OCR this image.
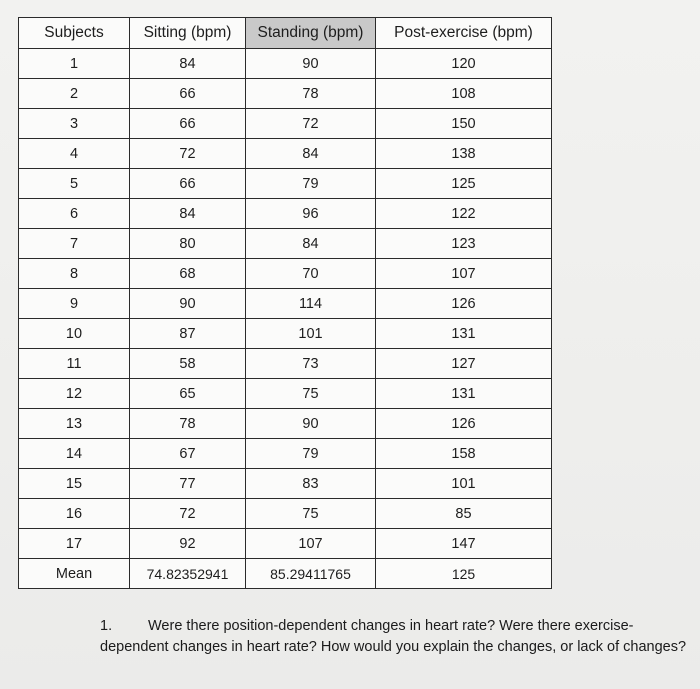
Subjects	Sitting (bpm)	Standing (bpm)	Post-exercise (bpm)
1	84	90	120
2	66	78	108
3	66	72	150
4	72	84	138
5	66	79	125
6	84	96	122
7	80	84	123
8	68	70	107
9	90	114	126
10	87	101	131
11	58	73	127
12	65	75	131
13	78	90	126
14	67	79	158
15	77	83	101
16	72	75	85
17	92	107	147
Mean	74.82352941	85.29411765	125
1. Were there position-dependent changes in heart rate? Were there exercise-dependent changes in heart rate? How would you explain the changes, or lack of changes?
